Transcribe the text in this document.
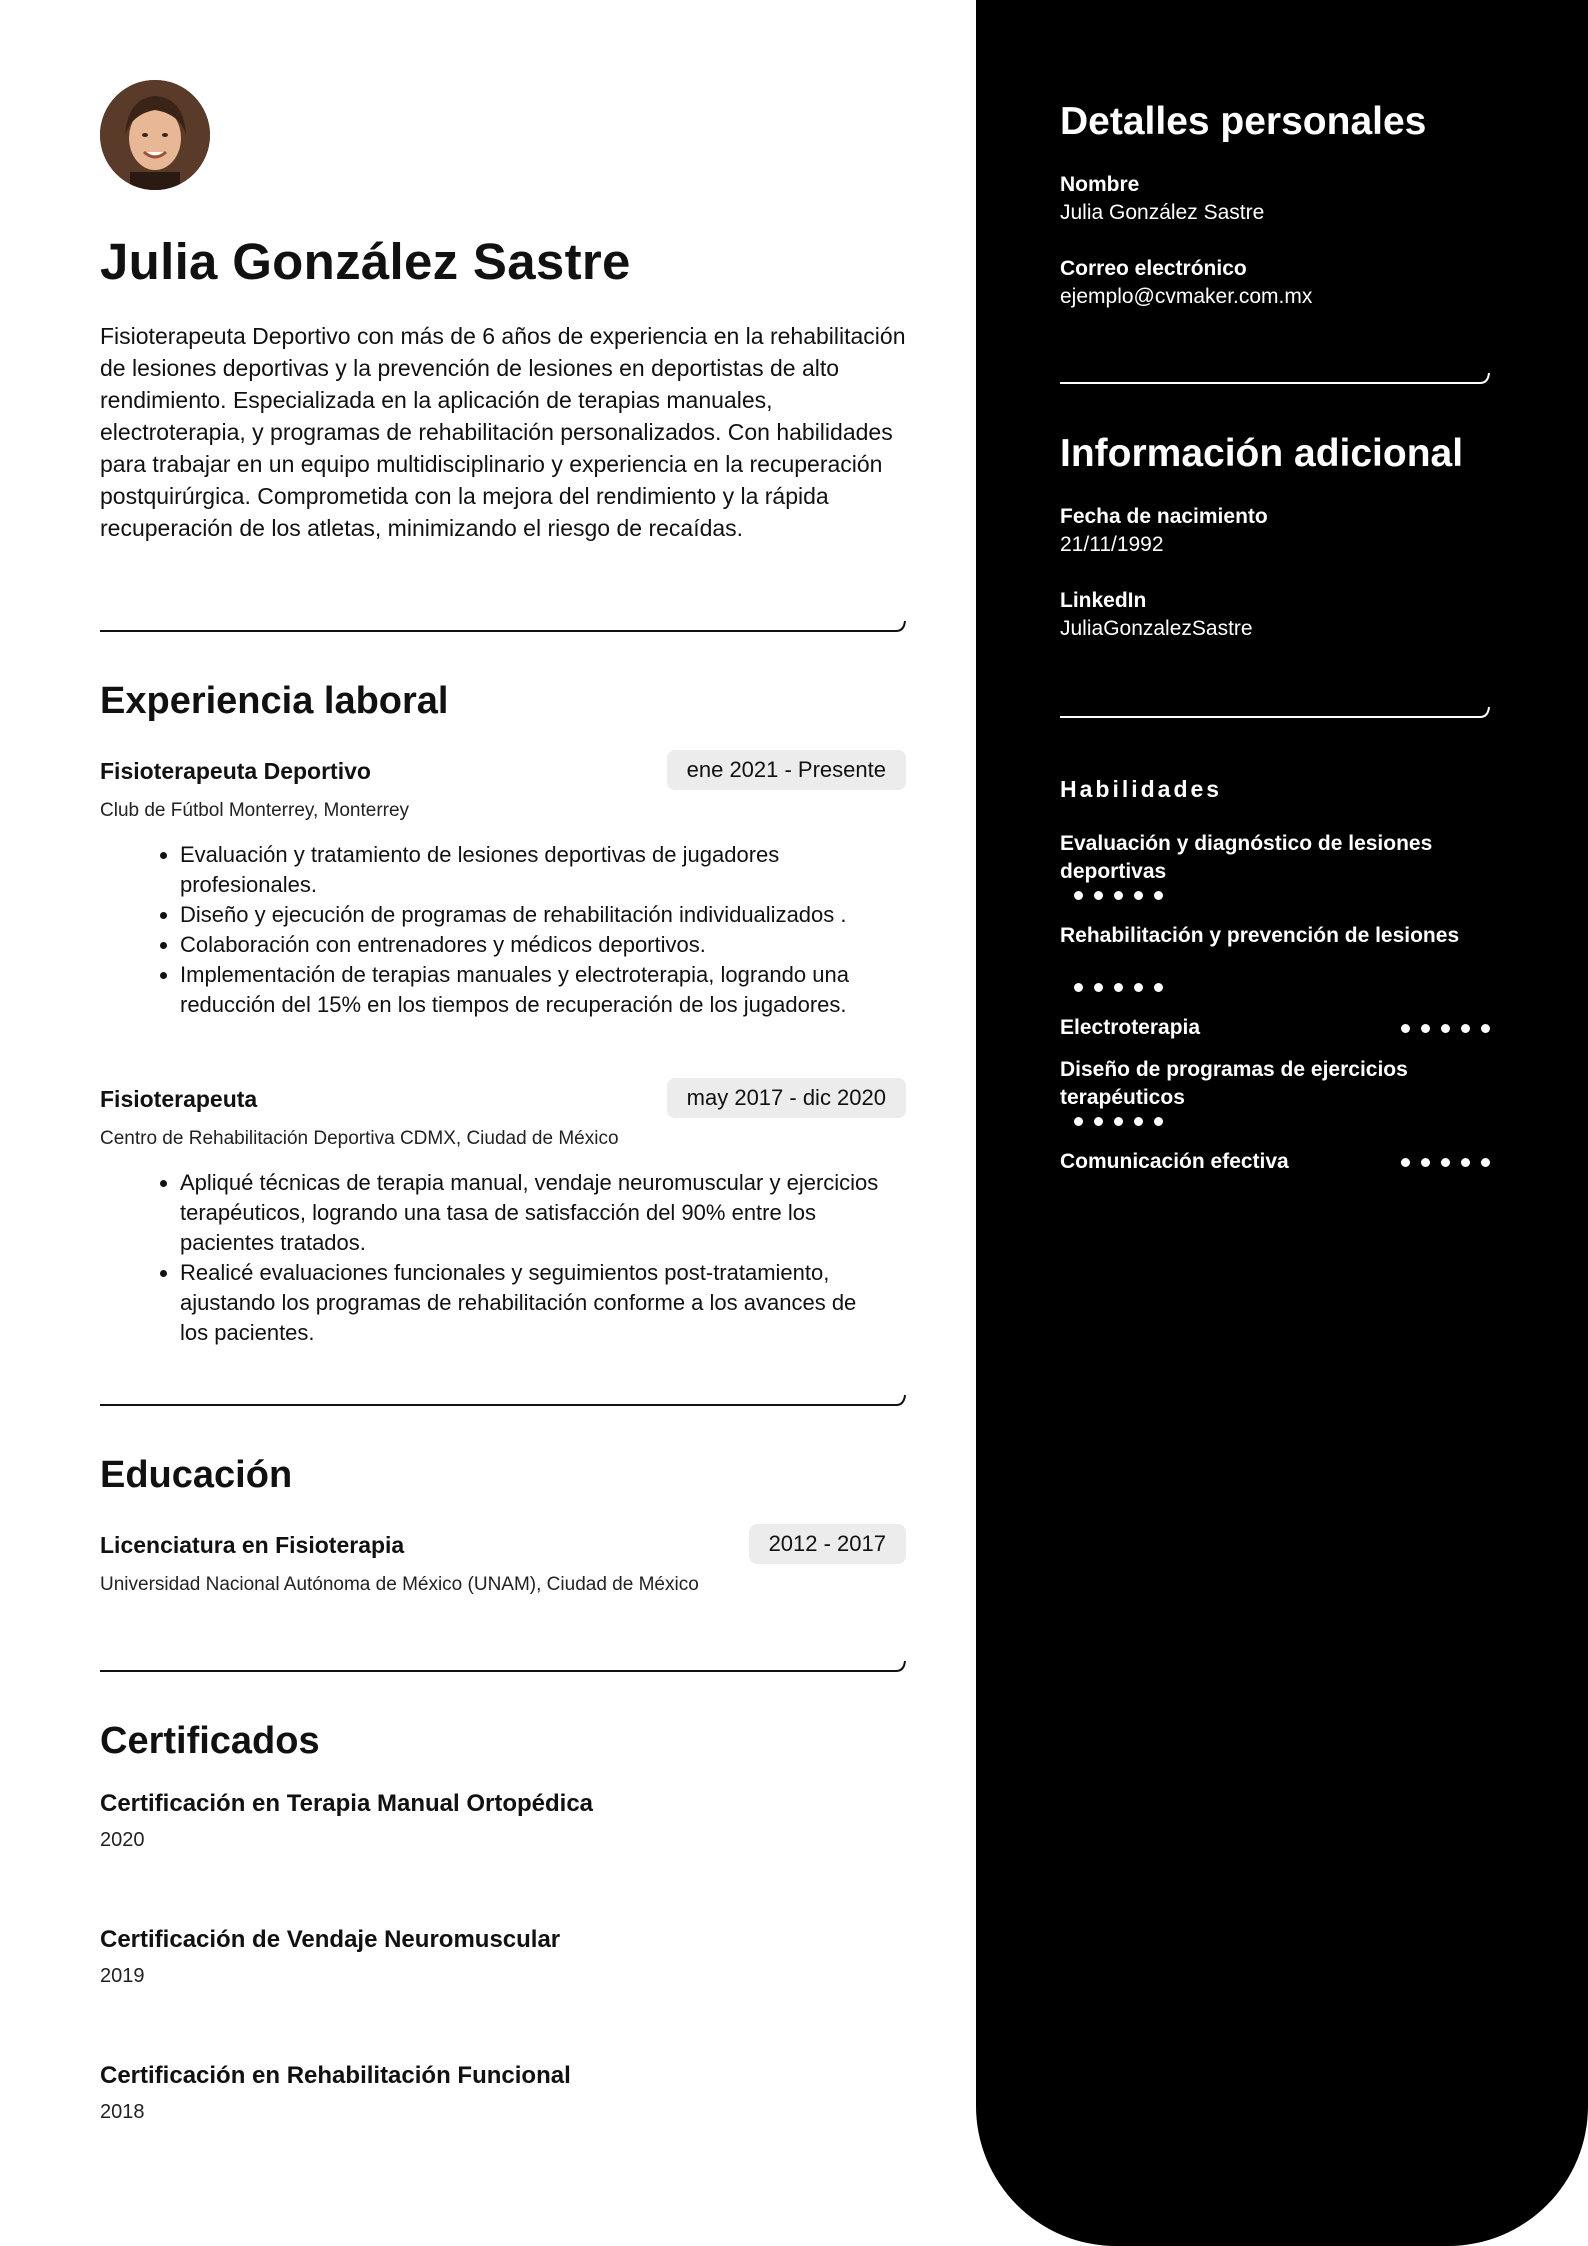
Julia González Sastre

Fisioterapeuta Deportivo con más de 6 años de experiencia en la rehabilitación de lesiones deportivas y la prevención de lesiones en deportistas de alto rendimiento. Especializada en la aplicación de terapias manuales, electroterapia, y programas de rehabilitación personalizados. Con habilidades para trabajar en un equipo multidisciplinario y experiencia en la recuperación postquirúrgica. Comprometida con la mejora del rendimiento y la rápida recuperación de los atletas, minimizando el riesgo de recaídas.

Experiencia laboral
Fisioterapeuta Deportivo	ene 2021 - Presente
Club de Fútbol Monterrey, Monterrey
• Evaluación y tratamiento de lesiones deportivas de jugadores profesionales.
• Diseño y ejecución de programas de rehabilitación individualizados .
• Colaboración con entrenadores y médicos deportivos.
• Implementación de terapias manuales y electroterapia, logrando una reducción del 15% en los tiempos de recuperación de los jugadores.
Fisioterapeuta	may 2017 - dic 2020
Centro de Rehabilitación Deportiva CDMX, Ciudad de México
• Apliqué técnicas de terapia manual, vendaje neuromuscular y ejercicios terapéuticos, logrando una tasa de satisfacción del 90% entre los pacientes tratados.
• Realicé evaluaciones funcionales y seguimientos post-tratamiento, ajustando los programas de rehabilitación conforme a los avances de los pacientes.
Educación
Licenciatura en Fisioterapia	2012 - 2017
Universidad Nacional Autónoma de México (UNAM), Ciudad de México
Certificados
Certificación en Terapia Manual Ortopédica
2020
Certificación de Vendaje Neuromuscular
2019
Certificación en Rehabilitación Funcional
2018
Detalles personales
Nombre
Julia González Sastre
Correo electrónico
ejemplo@cvmaker.com.mx
Información adicional
Fecha de nacimiento
21/11/1992
LinkedIn
JuliaGonzalezSastre
Habilidades
Evaluación y diagnóstico de lesiones deportivas
Rehabilitación y prevención de lesiones
Electroterapia
Diseño de programas de ejercicios terapéuticos
Comunicación efectiva
